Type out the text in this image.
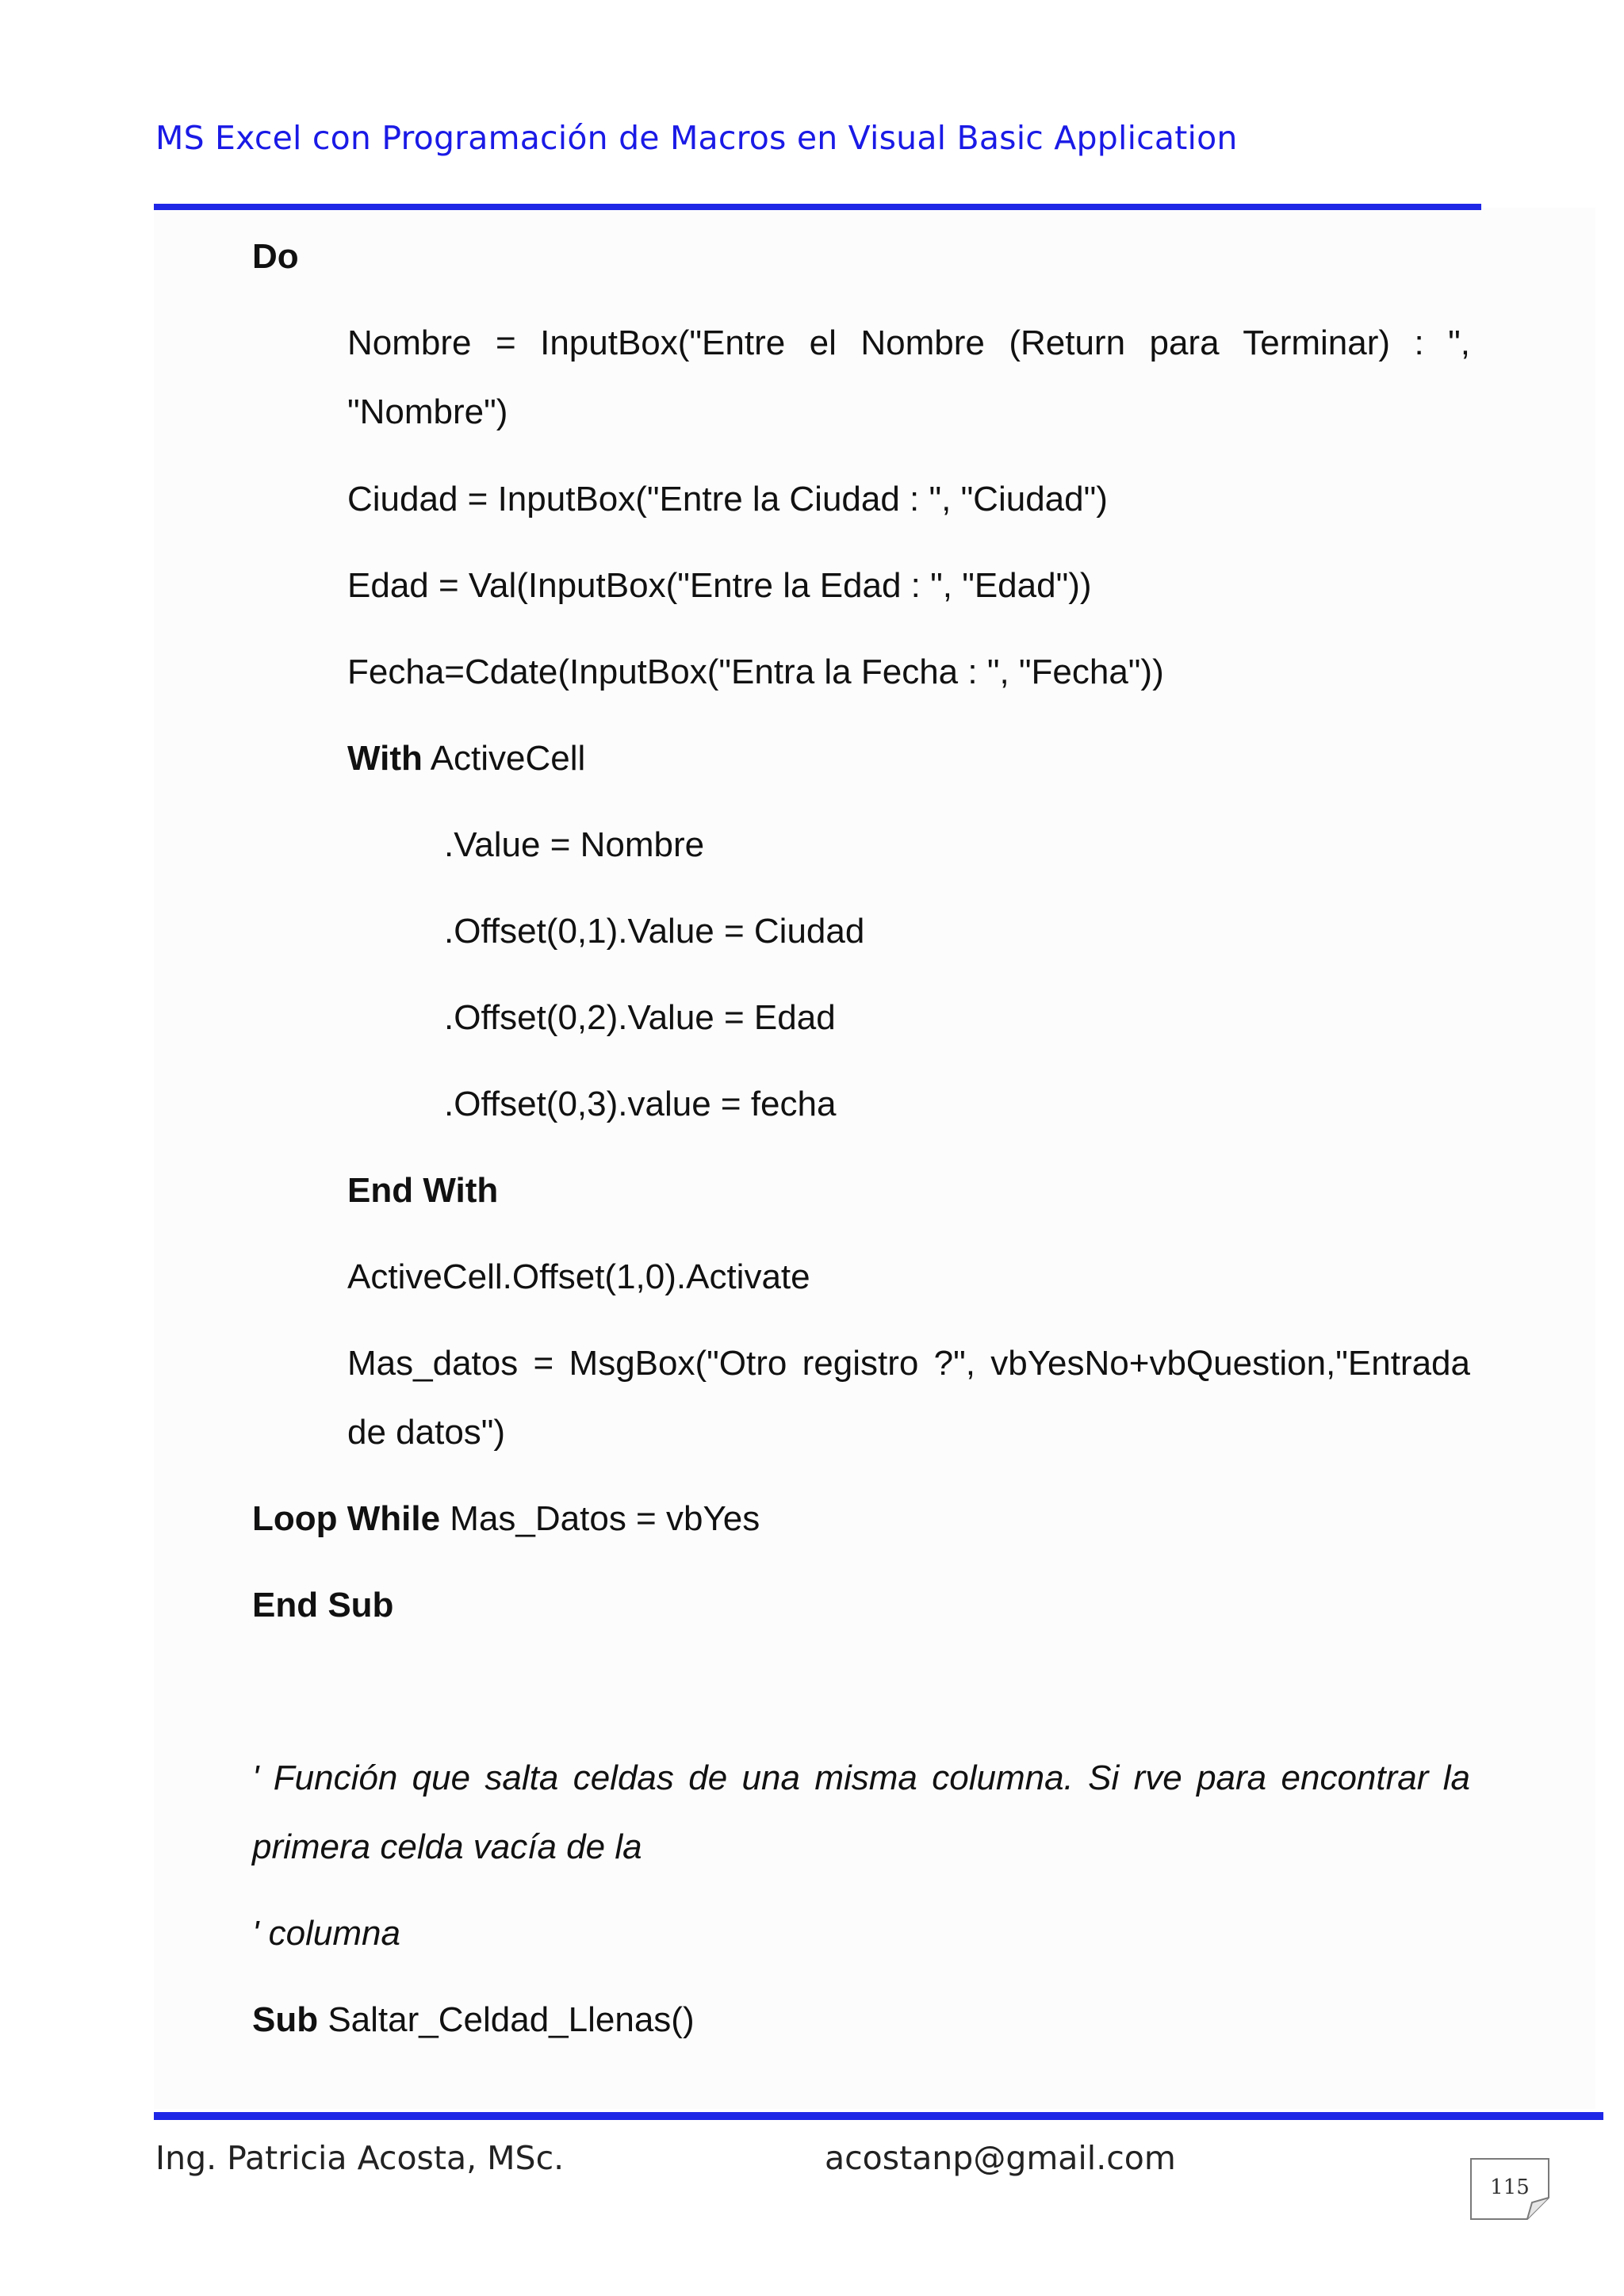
MS Excel con Programación de Macros en Visual Basic Application
Do
Nombre = InputBox("Entre el Nombre (Return para Terminar) : ",
"Nombre")
Ciudad = InputBox("Entre la Ciudad : ", "Ciudad")
Edad = Val(InputBox("Entre la Edad : ", "Edad"))
Fecha=Cdate(InputBox("Entra la Fecha : ", "Fecha"))
With ActiveCell
.Value = Nombre
.Offset(0,1).Value = Ciudad
.Offset(0,2).Value = Edad
.Offset(0,3).value = fecha
End With
ActiveCell.Offset(1,0).Activate
Mas_datos = MsgBox("Otro registro ?", vbYesNo+vbQuestion,"Entrada
de datos")
Loop While Mas_Datos = vbYes
End Sub
' Función que salta celdas de una misma columna. Si rve para encontrar la
primera celda vacía de la
' columna
Sub Saltar_Celdad_Llenas()
Ing. Patricia Acosta, MSc.	acostanp@gmail.com
115
